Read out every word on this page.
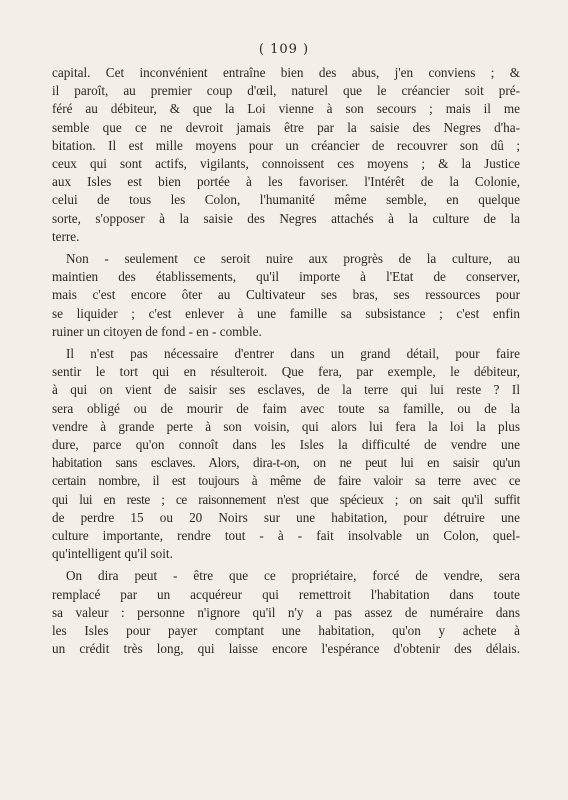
( 109 )
capital. Cet inconvénient entraîne bien des abus, j'en conviens ; &
il paroît, au premier coup d'œil, naturel que le créancier soit pré-
féré au débiteur, & que la Loi vienne à son secours ; mais il me
semble que ce ne devroit jamais être par la saisie des Negres d'ha-
bitation. Il est mille moyens pour un créancier de recouvrer son dû ;
ceux qui sont actifs, vigilants, connoissent ces moyens ; & la Justice
aux Isles est bien portée à les favoriser. l'Intérêt de la Colonie,
celui de tous les Colon, l'humanité même semble, en quelque
sorte, s'opposer à la saisie des Negres attachés à la culture de la
terre.
Non - seulement ce seroit nuire aux progrès de la culture, au
maintien des établissements, qu'il importe à l'Etat de conserver,
mais c'est encore ôter au Cultivateur ses bras, ses ressources pour
se liquider ; c'est enlever à une famille sa subsistance ; c'est enfin
ruiner un citoyen de fond - en - comble.
Il n'est pas nécessaire d'entrer dans un grand détail, pour faire
sentir le tort qui en résulteroit. Que fera, par exemple, le débiteur,
à qui on vient de saisir ses esclaves, de la terre qui lui reste ? Il
sera obligé ou de mourir de faim avec toute sa famille, ou de la
vendre à grande perte à son voisin, qui alors lui fera la loi la plus
dure, parce qu'on connoît dans les Isles la difficulté de vendre une
habitation sans esclaves. Alors, dira-t-on, on ne peut lui en saisir qu'un
certain nombre, il est toujours à même de faire valoir sa terre avec ce
qui lui en reste ; ce raisonnement n'est que spécieux ; on sait qu'il suffit
de perdre 15 ou 20 Noirs sur une habitation, pour détruire une
culture importante, rendre tout - à - fait insolvable un Colon, quel-
qu'intelligent qu'il soit.
On dira peut - être que ce propriétaire, forcé de vendre, sera
remplacé par un acquéreur qui remettroit l'habitation dans toute
sa valeur : personne n'ignore qu'il n'y a pas assez de numéraire dans
les Isles pour payer comptant une habitation, qu'on y achete à
un crédit très long, qui laisse encore l'espérance d'obtenir des délais.
